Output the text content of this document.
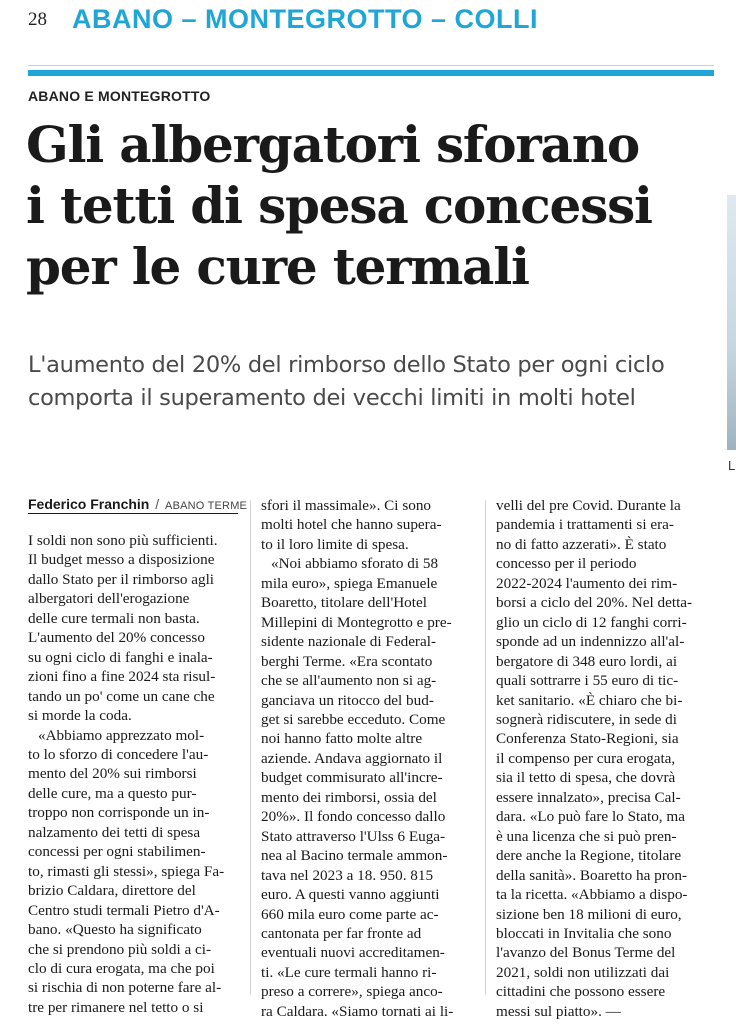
28 ABANO – MONTEGROTTO – COLLI
ABANO E MONTEGROTTO
Gli albergatori sforano
i tetti di spesa concessi
per le cure termali
L'aumento del 20% del rimborso dello Stato per ogni ciclo
comporta il superamento dei vecchi limiti in molti hotel
L
Federico Franchin / ABANO TERME
I soldi non sono più sufficienti.
Il budget messo a disposizione
dallo Stato per il rimborso agli
albergatori dell'erogazione
delle cure termali non basta.
L'aumento del 20% concesso
su ogni ciclo di fanghi e inala-
zioni fino a fine 2024 sta risul-
tando un po' come un cane che
si morde la coda.
«Abbiamo apprezzato mol-
to lo sforzo di concedere l'au-
mento del 20% sui rimborsi
delle cure, ma a questo pur-
troppo non corrisponde un in-
nalzamento dei tetti di spesa
concessi per ogni stabilimen-
to, rimasti gli stessi», spiega Fa-
brizio Caldara, direttore del
Centro studi termali Pietro d'A-
bano. «Questo ha significato
che si prendono più soldi a ci-
clo di cura erogata, ma che poi
si rischia di non poterne fare al-
tre per rimanere nel tetto o si
sfori il massimale». Ci sono
molti hotel che hanno supera-
to il loro limite di spesa.
«Noi abbiamo sforato di 58
mila euro», spiega Emanuele
Boaretto, titolare dell'Hotel
Millepini di Montegrotto e pre-
sidente nazionale di Federal-
berghi Terme. «Era scontato
che se all'aumento non si ag-
ganciava un ritocco del bud-
get si sarebbe ecceduto. Come
noi hanno fatto molte altre
aziende. Andava aggiornato il
budget commisurato all'incre-
mento dei rimborsi, ossia del
20%». Il fondo concesso dallo
Stato attraverso l'Ulss 6 Euga-
nea al Bacino termale ammon-
tava nel 2023 a 18. 950. 815
euro. A questi vanno aggiunti
660 mila euro come parte ac-
cantonata per far fronte ad
eventuali nuovi accreditamen-
ti. «Le cure termali hanno ri-
preso a correre», spiega anco-
ra Caldara. «Siamo tornati ai li-
velli del pre Covid. Durante la
pandemia i trattamenti si era-
no di fatto azzerati». È stato
concesso per il periodo
2022-2024 l'aumento dei rim-
borsi a ciclo del 20%. Nel detta-
glio un ciclo di 12 fanghi corri-
sponde ad un indennizzo all'al-
bergatore di 348 euro lordi, ai
quali sottrarre i 55 euro di tic-
ket sanitario. «È chiaro che bi-
sognerà ridiscutere, in sede di
Conferenza Stato-Regioni, sia
il compenso per cura erogata,
sia il tetto di spesa, che dovrà
essere innalzato», precisa Cal-
dara. «Lo può fare lo Stato, ma
è una licenza che si può pren-
dere anche la Regione, titolare
della sanità». Boaretto ha pron-
ta la ricetta. «Abbiamo a dispo-
sizione ben 18 milioni di euro,
bloccati in Invitalia che sono
l'avanzo del Bonus Terme del
2021, soldi non utilizzati dai
cittadini che possono essere
messi sul piatto». —
